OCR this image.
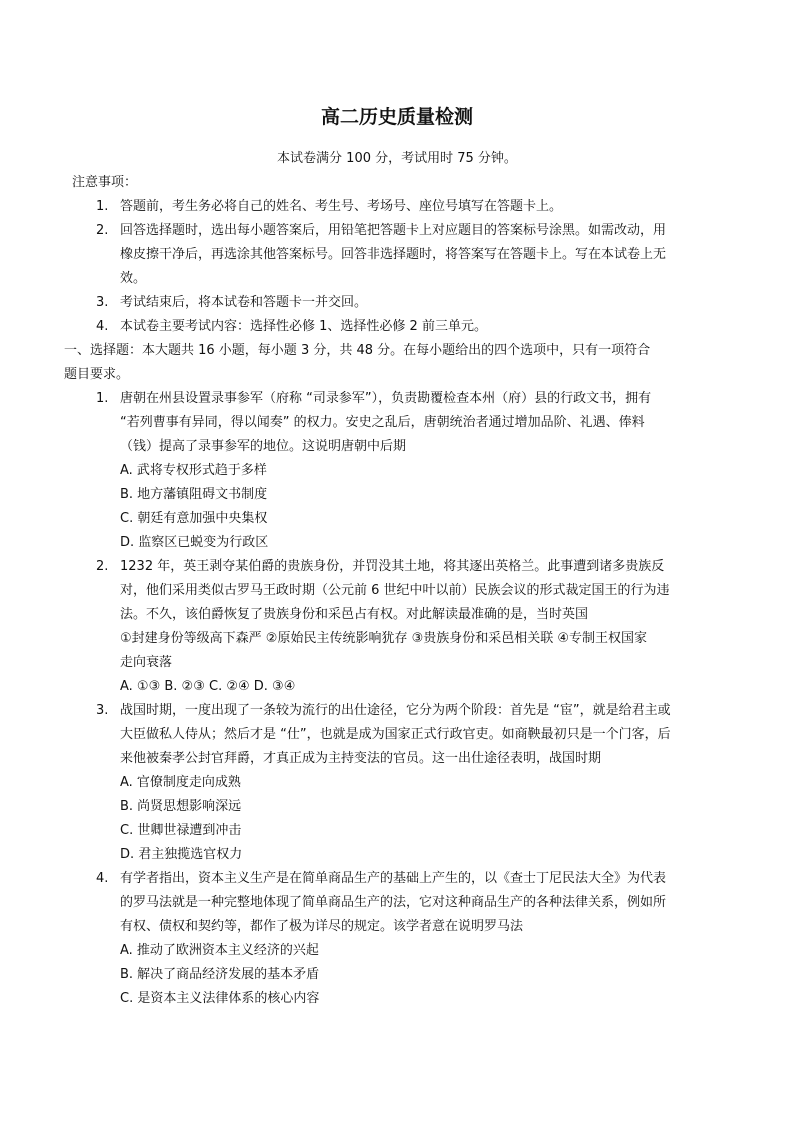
高二历史质量检测
本试卷满分 100 分，考试用时 75 分钟。
注意事项：
1. 答题前，考生务必将自己的姓名、考生号、考场号、座位号填写在答题卡上。
2. 回答选择题时，选出每小题答案后，用铅笔把答题卡上对应题目的答案标号涂黑。如需改动，用
橡皮擦干净后，再选涂其他答案标号。回答非选择题时，将答案写在答题卡上。写在本试卷上无
效。
3. 考试结束后，将本试卷和答题卡一并交回。
4. 本试卷主要考试内容：选择性必修 1、选择性必修 2 前三单元。
一、选择题：本大题共 16 小题，每小题 3 分，共 48 分。在每小题给出的四个选项中，只有一项符合
题目要求。
1. 唐朝在州县设置录事参军（府称 “司录参军”），负责勘覆检查本州（府）县的行政文书，拥有
“若列曹事有异同，得以闻奏” 的权力。安史之乱后，唐朝统治者通过增加品阶、礼遇、俸料
（钱）提高了录事参军的地位。这说明唐朝中后期
A. 武将专权形式趋于多样
B. 地方藩镇阻碍文书制度
C. 朝廷有意加强中央集权
D. 监察区已蜕变为行政区
2. 1232 年，英王剥夺某伯爵的贵族身份，并罚没其土地，将其逐出英格兰。此事遭到诸多贵族反
对，他们采用类似古罗马王政时期（公元前 6 世纪中叶以前）民族会议的形式裁定国王的行为违
法。不久，该伯爵恢复了贵族身份和采邑占有权。对此解读最准确的是，当时英国
①封建身份等级高下森严 ②原始民主传统影响犹存 ③贵族身份和采邑相关联 ④专制王权国家
走向衰落
A. ①③ B. ②③ C. ②④ D. ③④
3. 战国时期，一度出现了一条较为流行的出仕途径，它分为两个阶段：首先是 “宦”，就是给君主或
大臣做私人侍从；然后才是 “仕”，也就是成为国家正式行政官吏。如商鞅最初只是一个门客，后
来他被秦孝公封官拜爵，才真正成为主持变法的官员。这一出仕途径表明，战国时期
A. 官僚制度走向成熟
B. 尚贤思想影响深远
C. 世卿世禄遭到冲击
D. 君主独揽选官权力
4. 有学者指出，资本主义生产是在简单商品生产的基础上产生的，以《查士丁尼民法大全》为代表
的罗马法就是一种完整地体现了简单商品生产的法，它对这种商品生产的各种法律关系，例如所
有权、债权和契约等，都作了极为详尽的规定。该学者意在说明罗马法
A. 推动了欧洲资本主义经济的兴起
B. 解决了商品经济发展的基本矛盾
C. 是资本主义法律体系的核心内容
